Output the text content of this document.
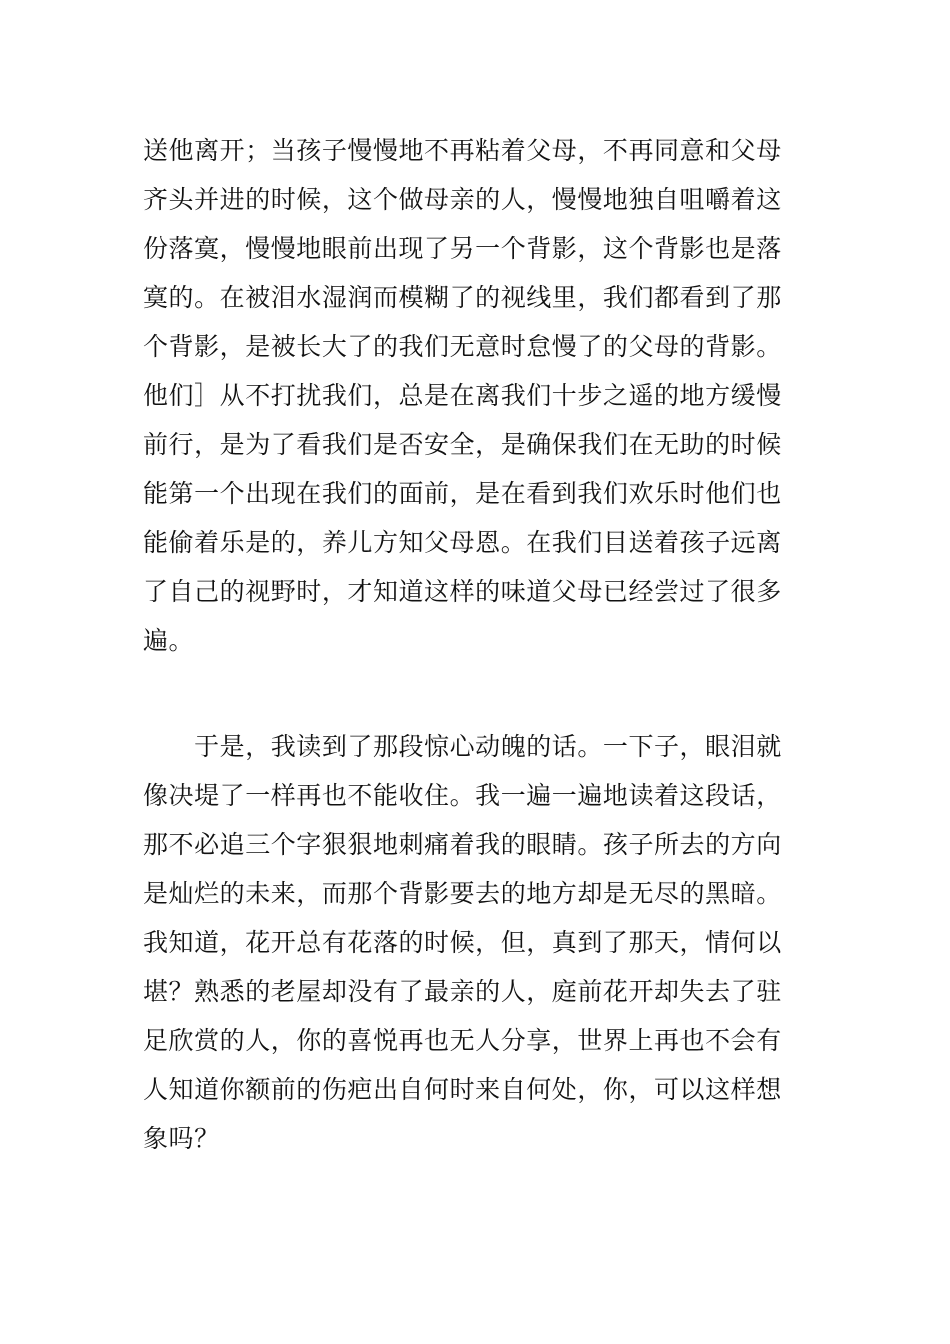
送他离开；当孩子慢慢地不再粘着父母，不再同意和父母
齐头并进的时候，这个做母亲的人，慢慢地独自咀嚼着这
份落寞，慢慢地眼前出现了另一个背影，这个背影也是落
寞的。在被泪水湿润而模糊了的视线里，我们都看到了那
个背影，是被长大了的我们无意时怠慢了的父母的背影。
他们］从不打扰我们，总是在离我们十步之遥的地方缓慢
前行，是为了看我们是否安全，是确保我们在无助的时候
能第一个出现在我们的面前，是在看到我们欢乐时他们也
能偷着乐是的，养儿方知父母恩。在我们目送着孩子远离
了自己的视野时，才知道这样的味道父母已经尝过了很多
遍。
　　于是，我读到了那段惊心动魄的话。一下子，眼泪就
像决堤了一样再也不能收住。我一遍一遍地读着这段话，
那不必追三个字狠狠地刺痛着我的眼睛。孩子所去的方向
是灿烂的未来，而那个背影要去的地方却是无尽的黑暗。
我知道，花开总有花落的时候，但，真到了那天，情何以
堪？熟悉的老屋却没有了最亲的人，庭前花开却失去了驻
足欣赏的人，你的喜悦再也无人分享，世界上再也不会有
人知道你额前的伤疤出自何时来自何处，你，可以这样想
象吗？
